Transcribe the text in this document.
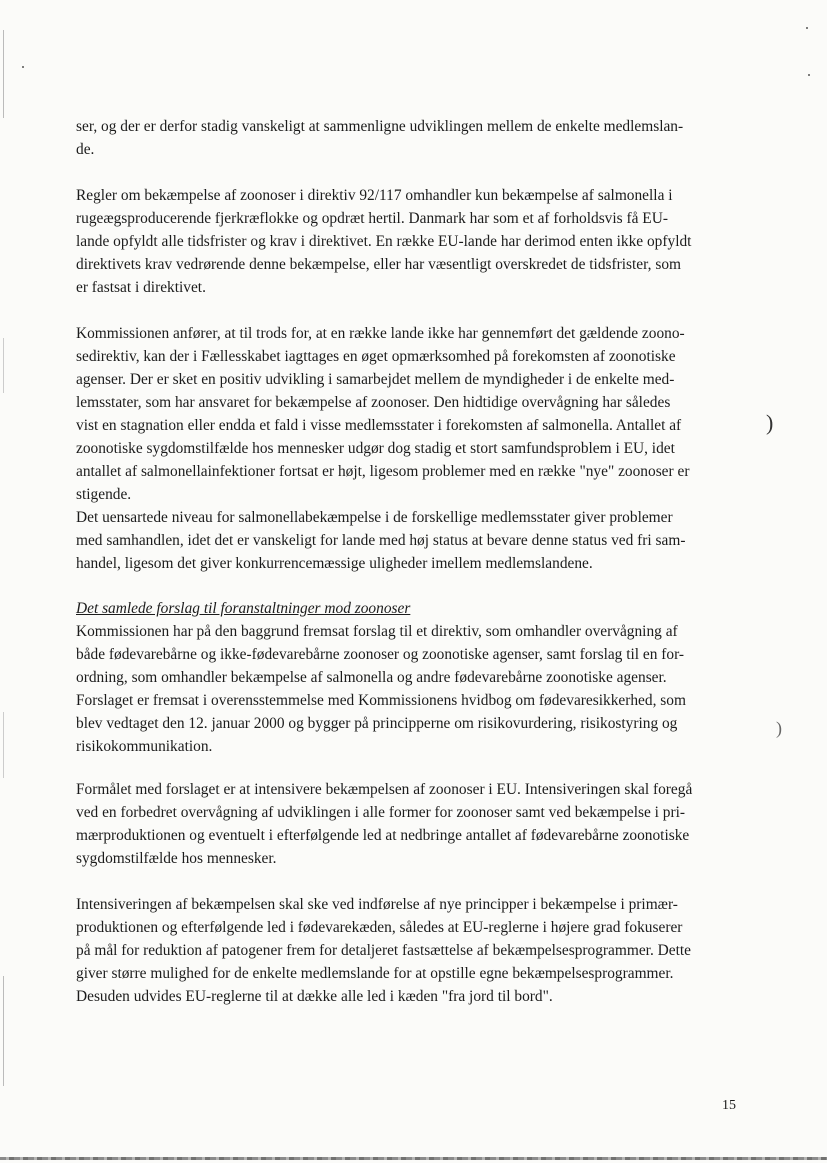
)
)
ser, og der er derfor stadig vanskeligt at sammenligne udviklingen mellem de enkelte medlemslan-
de.
Regler om bekæmpelse af zoonoser i direktiv 92/117 omhandler kun bekæmpelse af salmonella i
rugeægsproducerende fjerkræflokke og opdræt hertil. Danmark har som et af forholdsvis få EU-
lande opfyldt alle tidsfrister og krav i direktivet. En række EU-lande har derimod enten ikke opfyldt
direktivets krav vedrørende denne bekæmpelse, eller har væsentligt overskredet de tidsfrister, som
er fastsat i direktivet.
Kommissionen anfører, at til trods for, at en række lande ikke har gennemført det gældende zoono-
sedirektiv, kan der i Fællesskabet iagttages en øget opmærksomhed på forekomsten af zoonotiske
agenser. Der er sket en positiv udvikling i samarbejdet mellem de myndigheder i de enkelte med-
lemsstater, som har ansvaret for bekæmpelse af zoonoser. Den hidtidige overvågning har således
vist en stagnation eller endda et fald i visse medlemsstater i forekomsten af salmonella. Antallet af
zoonotiske sygdomstilfælde hos mennesker udgør dog stadig et stort samfundsproblem i EU, idet
antallet af salmonellainfektioner fortsat er højt, ligesom problemer med en række "nye" zoonoser er
stigende.
Det uensartede niveau for salmonellabekæmpelse i de forskellige medlemsstater giver problemer
med samhandlen, idet det er vanskeligt for lande med høj status at bevare denne status ved fri sam-
handel, ligesom det giver konkurrencemæssige uligheder imellem medlemslandene.
Det samlede forslag til foranstaltninger mod zoonoser
Kommissionen har på den baggrund fremsat forslag til et direktiv, som omhandler overvågning af
både fødevarebårne og ikke-fødevarebårne zoonoser og zoonotiske agenser, samt forslag til en for-
ordning, som omhandler bekæmpelse af salmonella og andre fødevarebårne zoonotiske agenser.
Forslaget er fremsat i overensstemmelse med Kommissionens hvidbog om fødevaresikkerhed, som
blev vedtaget den 12. januar 2000 og bygger på principperne om risikovurdering, risikostyring og
risikokommunikation.
Formålet med forslaget er at intensivere bekæmpelsen af zoonoser i EU. Intensiveringen skal foregå
ved en forbedret overvågning af udviklingen i alle former for zoonoser samt ved bekæmpelse i pri-
mærproduktionen og eventuelt i efterfølgende led at nedbringe antallet af fødevarebårne zoonotiske
sygdomstilfælde hos mennesker.
Intensiveringen af bekæmpelsen skal ske ved indførelse af nye principper i bekæmpelse i primær-
produktionen og efterfølgende led i fødevarekæden, således at EU-reglerne i højere grad fokuserer
på mål for reduktion af patogener frem for detaljeret fastsættelse af bekæmpelsesprogrammer. Dette
giver større mulighed for de enkelte medlemslande for at opstille egne bekæmpelsesprogrammer.
Desuden udvides EU-reglerne til at dække alle led i kæden "fra jord til bord".
15
